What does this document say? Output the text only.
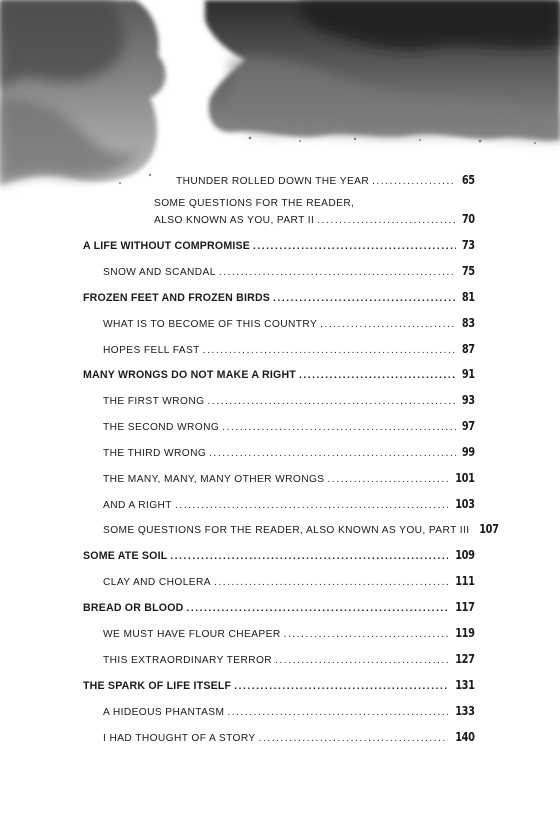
THUNDER ROLLED DOWN THE YEAR .....	65
SOME QUESTIONS FOR THE READER,
ALSO KNOWN AS YOU, PART II .....	70
A LIFE WITHOUT COMPROMISE .....	73
SNOW AND SCANDAL .....	75
FROZEN FEET AND FROZEN BIRDS .....	81
WHAT IS TO BECOME OF THIS COUNTRY .....	83
HOPES FELL FAST .....	87
MANY WRONGS DO NOT MAKE A RIGHT .....	91
THE FIRST WRONG .....	93
THE SECOND WRONG .....	97
THE THIRD WRONG .....	99
THE MANY, MANY, MANY OTHER WRONGS .....	101
AND A RIGHT .....	103
SOME QUESTIONS FOR THE READER, ALSO KNOWN AS YOU, PART III 107
SOME ATE SOIL .....	109
CLAY AND CHOLERA .....	111
BREAD OR BLOOD .....	117
WE MUST HAVE FLOUR CHEAPER .....	119
THIS EXTRAORDINARY TERROR .....	127
THE SPARK OF LIFE ITSELF .....	131
A HIDEOUS PHANTASM .....	133
I HAD THOUGHT OF A STORY .....	140
